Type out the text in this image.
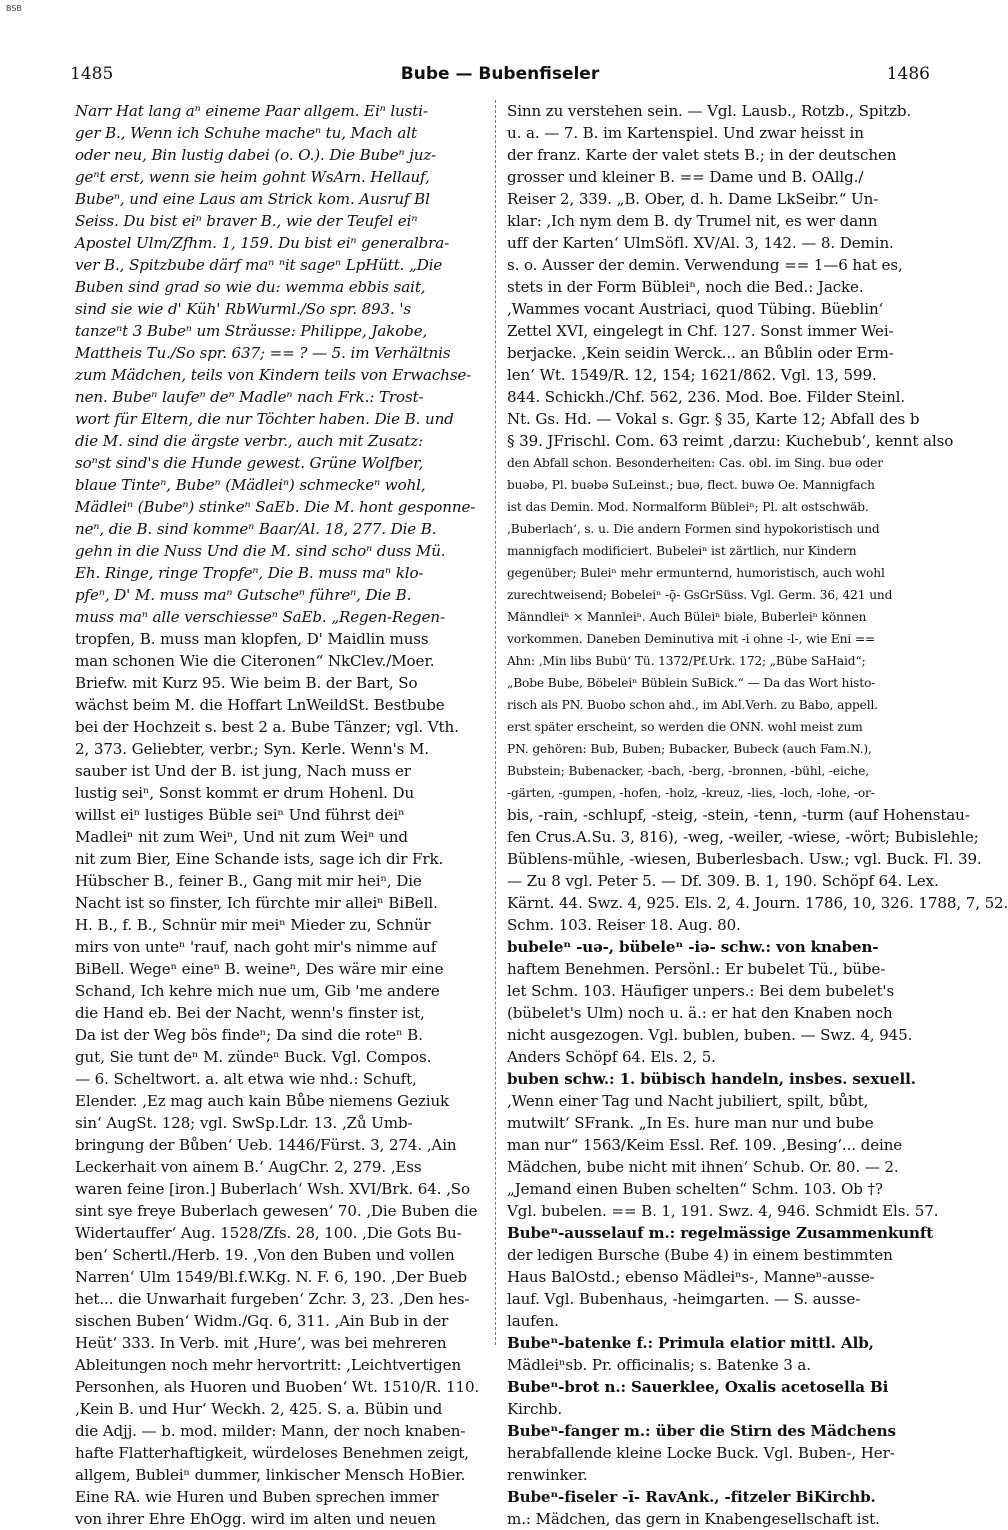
BSB
1485	Bube — Bubenfiseler	1486
Narr Hat lang aⁿ eineme Paar allgem. Eiⁿ lusti-
ger B., Wenn ich Schuhe macheⁿ tu, Mach alt
oder neu, Bin lustig dabei (o. O.). Die Bubeⁿ juz-
geⁿt erst, wenn sie heim gohnt WsArn. Hellauf,
Bubeⁿ, und eine Laus am Strick kom. Ausruf Bl
Seiss. Du bist eiⁿ braver B., wie der Teufel eiⁿ
Apostel Ulm/Zfhm. 1, 159. Du bist eiⁿ generalbra-
ver B., Spitzbube därf maⁿ ⁿit sageⁿ LpHütt. „Die
Buben sind grad so wie du: wemma ebbis sait,
sind sie wie d' Küh' RbWurml./So spr. 893. 's
tanzeⁿt 3 Bubeⁿ um Sträusse: Philippe, Jakobe,
Mattheis Tu./So spr. 637; == ? — 5. im Verhältnis
zum Mädchen, teils von Kindern teils von Erwachse-
nen. Bubeⁿ laufeⁿ deⁿ Madleⁿ nach Frk.: Trost-
wort für Eltern, die nur Töchter haben. Die B. und
die M. sind die ärgste verbr., auch mit Zusatz:
soⁿst sind's die Hunde gewest. Grüne Wolfber,
blaue Tinteⁿ, Bubeⁿ (Mädleiⁿ) schmeckeⁿ wohl,
Mädleiⁿ (Bubeⁿ) stinkeⁿ SaEb. Die M. hont gesponne-
neⁿ, die B. sind kommeⁿ Baar/Al. 18, 277. Die B.
gehn in die Nuss Und die M. sind schoⁿ duss Mü.
Eh. Ringe, ringe Tropfeⁿ, Die B. muss maⁿ klo-
pfeⁿ, D' M. muss maⁿ Gutscheⁿ führeⁿ, Die B.
muss maⁿ alle verschiesseⁿ SaEb. „Regen-Regen-
tropfen, B. muss man klopfen, D' Maidlin muss
man schonen Wie die Citeronen“ NkClev./Moer.
Briefw. mit Kurz 95. Wie beim B. der Bart, So
wächst beim M. die Hoffart LnWeildSt. Bestbube
bei der Hochzeit s. best 2 a. Bube Tänzer; vgl. Vth.
2, 373. Geliebter, verbr.; Syn. Kerle. Wenn's M.
sauber ist Und der B. ist jung, Nach muss er
lustig seiⁿ, Sonst kommt er drum Hohenl. Du
willst eiⁿ lustiges Büble seiⁿ Und führst deiⁿ
Madleiⁿ nit zum Weiⁿ, Und nit zum Weiⁿ und
nit zum Bier, Eine Schande ists, sage ich dir Frk.
Hübscher B., feiner B., Gang mit mir heiⁿ, Die
Nacht ist so finster, Ich fürchte mir alleiⁿ BiBell.
H. B., f. B., Schnür mir meiⁿ Mieder zu, Schnür
mirs von unteⁿ 'rauf, nach goht mir's nimme auf
BiBell. Wegeⁿ eineⁿ B. weineⁿ, Des wäre mir eine
Schand, Ich kehre mich nue um, Gib 'me andere
die Hand eb. Bei der Nacht, wenn's finster ist,
Da ist der Weg bös findeⁿ; Da sind die roteⁿ B.
gut, Sie tunt deⁿ M. zündeⁿ Buck. Vgl. Compos.
— 6. Scheltwort. a. alt etwa wie nhd.: Schuft,
Elender. ‚Ez mag auch kain Bůbe niemens Geziuk
sin‘ AugSt. 128; vgl. SwSp.Ldr. 13. ‚Zů Umb-
bringung der Bůben‘ Ueb. 1446/Fürst. 3, 274. ‚Ain
Leckerhait von ainem B.‘ AugChr. 2, 279. ‚Ess
waren feine [iron.] Buberlach‘ Wsh. XVI/Brk. 64. ‚So
sint sye freye Buberlach gewesen‘ 70. ‚Die Buben die
Widertauffer‘ Aug. 1528/Zfs. 28, 100. ‚Die Gots Bu-
ben‘ Schertl./Herb. 19. ‚Von den Buben und vollen
Narren‘ Ulm 1549/Bl.f.W.Kg. N. F. 6, 190. ‚Der Bueb
het... die Unwarhait furgeben‘ Zchr. 3, 23. ‚Den hes-
sischen Buben‘ Widm./Gq. 6, 311. ‚Ain Bub in der
Heüt‘ 333. In Verb. mit ‚Hure‘, was bei mehreren
Ableitungen noch mehr hervortritt: ‚Leichtvertigen
Personhen, als Huoren und Buoben‘ Wt. 1510/R. 110.
‚Kein B. und Hur‘ Weckh. 2, 425. S. a. Bübin und
die Adjj. — b. mod. milder: Mann, der noch knaben-
hafte Flatterhaftigkeit, würdeloses Benehmen zeigt,
allgem, Bubleiⁿ dummer, linkischer Mensch HoBier.
Eine RA. wie Huren und Buben sprechen immer
von ihrer Ehre EhOgg. wird im alten und neuen
Sinn zu verstehen sein. — Vgl. Lausb., Rotzb., Spitzb.
u. a. — 7. B. im Kartenspiel. Und zwar heisst in
der franz. Karte der valet stets B.; in der deutschen
grosser und kleiner B. == Dame und B. OAllg./
Reiser 2, 339. „B. Ober, d. h. Dame LkSeibr.“ Un-
klar: ‚Ich nym dem B. dy Trumel nit, es wer dann
uff der Karten‘ UlmSöfl. XV/Al. 3, 142. — 8. Demin.
s. o. Ausser der demin. Verwendung == 1—6 hat es,
stets in der Form Bübleiⁿ, noch die Bed.: Jacke.
‚Wammes vocant Austriaci, quod Tübing. Büeblin‘
Zettel XVI, eingelegt in Chf. 127. Sonst immer Wei-
berjacke. ‚Kein seidin Werck... an Bůblin oder Erm-
len‘ Wt. 1549/R. 12, 154; 1621/862. Vgl. 13, 599.
844. Schickh./Chf. 562, 236. Mod. Boe. Filder Steinl.
Nt. Gs. Hd. — Vokal s. Ggr. § 35, Karte 12; Abfall des b
§ 39. JFrischl. Com. 63 reimt ‚darzu: Kuchebub‘, kennt also
den Abfall schon. Besonderheiten: Cas. obl. im Sing. buə oder
buəbə, Pl. buəbə SuLeinst.; buə, flect. buwə Oe. Mannigfach
ist das Demin. Mod. Normalform Bübleiⁿ; Pl. alt ostschwäb.
‚Buberlach‘, s. u. Die andern Formen sind hypokoristisch und
mannigfach modificiert. Bubeleiⁿ ist zärtlich, nur Kindern
gegenüber; Buleiⁿ mehr ermunternd, humoristisch, auch wohl
zurechtweisend; Bobeleiⁿ -ǭ- GsGrSüss. Vgl. Germ. 36, 421 und
Männdleiⁿ × Mannleiⁿ. Auch Büleiⁿ biəle, Buberleiⁿ können
vorkommen. Daneben Deminutiva mit -i ohne -l-, wie Eni ==
Ahn: ‚Min libs Bubü‘ Tü. 1372/Pf.Urk. 172; „Bübe SaHaid“;
„Bobe Bube, Böbeleiⁿ Büblein SuBick.“ — Da das Wort histo-
risch als PN. Buobo schon ahd., im Abl.Verh. zu Babo, appell.
erst später erscheint, so werden die ONN. wohl meist zum
PN. gehören: Bub, Buben; Bubacker, Bubeck (auch Fam.N.),
Bubstein; Bubenacker, -bach, -berg, -bronnen, -bühl, -eiche,
-gärten, -gumpen, -hofen, -holz, -kreuz, -lies, -loch, -lohe, -or-
bis, -rain, -schlupf, -steig, -stein, -tenn, -turm (auf Hohenstau-
fen Crus.A.Su. 3, 816), -weg, -weiler, -wiese, -wört; Bubislehle;
Büblens-mühle, -wiesen, Buberlesbach. Usw.; vgl. Buck. Fl. 39.
— Zu 8 vgl. Peter 5. — Df. 309. B. 1, 190. Schöpf 64. Lex.
Kärnt. 44. Swz. 4, 925. Els. 2, 4. Journ. 1786, 10, 326. 1788, 7, 52.
Schm. 103. Reiser 18. Aug. 80.
bubeleⁿ -uə-, bübeleⁿ -iə- schw.: von knaben-
haftem Benehmen. Persönl.: Er bubelet Tü., bübe-
let Schm. 103. Häufiger unpers.: Bei dem bubelet's
(bübelet's Ulm) noch u. ä.: er hat den Knaben noch
nicht ausgezogen. Vgl. bublen, buben. — Swz. 4, 945.
Anders Schöpf 64. Els. 2, 5.
buben schw.: 1. bübisch handeln, insbes. sexuell.
‚Wenn einer Tag und Nacht jubiliert, spilt, bůbt,
mutwilt‘ SFrank. „In Es. hure man nur und bube
man nur“ 1563/Keim Essl. Ref. 109. ‚Besing‘... deine
Mädchen, bube nicht mit ihnen‘ Schub. Or. 80. — 2.
„Jemand einen Buben schelten“ Schm. 103. Ob †?
Vgl. bubelen. == B. 1, 191. Swz. 4, 946. Schmidt Els. 57.
Bubeⁿ-ausselauf m.: regelmässige Zusammenkunft
der ledigen Bursche (Bube 4) in einem bestimmten
Haus BalOstd.; ebenso Mädleiⁿs-, Manneⁿ-ausse-
lauf. Vgl. Bubenhaus, -heimgarten. — S. ausse-
laufen.
Bubeⁿ-batenke f.: Primula elatior mittl. Alb,
Mädleiⁿsb. Pr. officinalis; s. Batenke 3 a.
Bubeⁿ-brot n.: Sauerklee, Oxalis acetosella Bi
Kirchb.
Bubeⁿ-fanger m.: über die Stirn des Mädchens
herabfallende kleine Locke Buck. Vgl. Buben-, Her-
renwinker.
Bubeⁿ-fiseler -ī- RavAnk., -fitzeler BiKirchb.
m.: Mädchen, das gern in Knabengesellschaft ist.
